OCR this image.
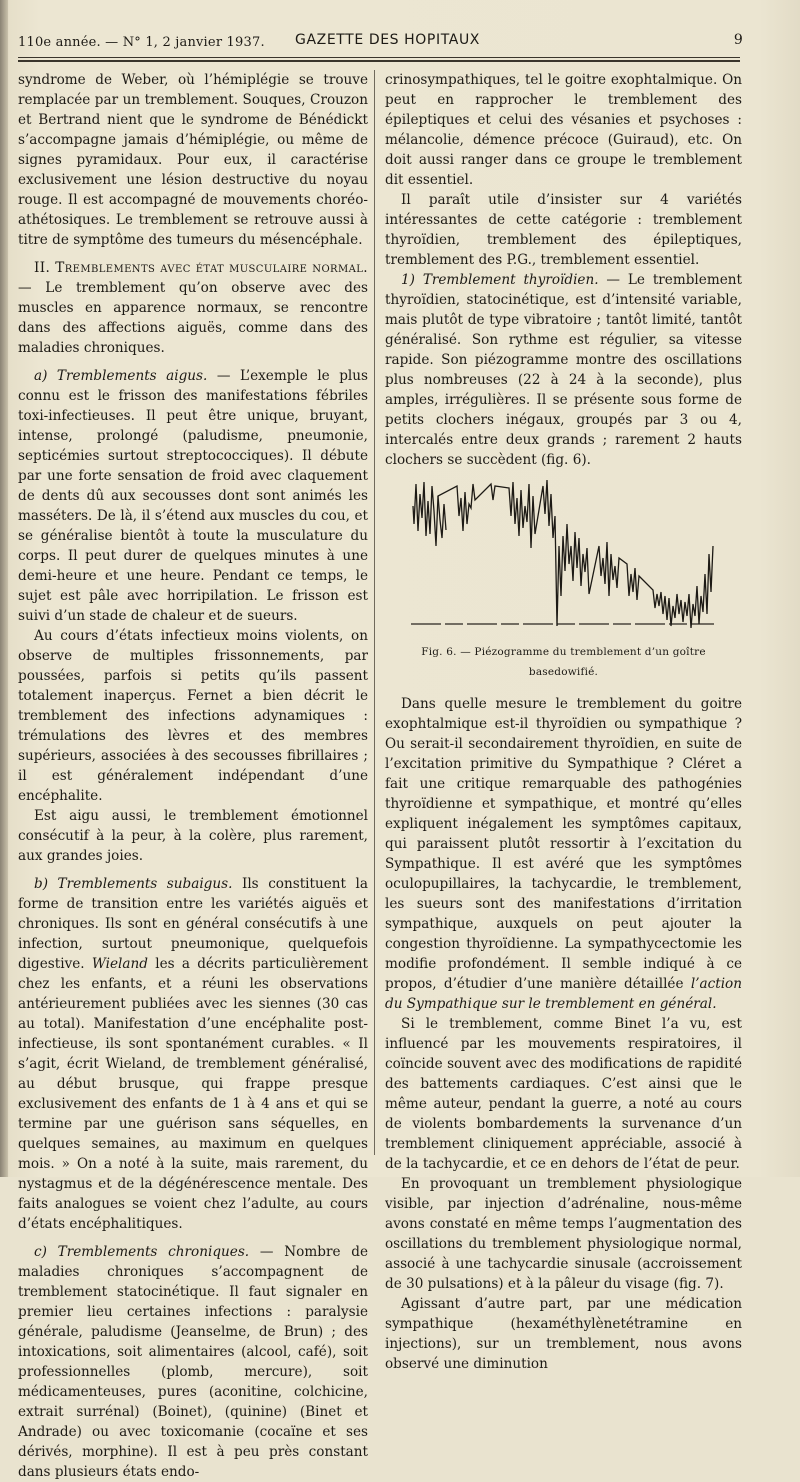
110e année. — N° 1, 2 janvier 1937. GAZETTE DES HOPITAUX	9

syndrome de Weber, où l’hémiplégie se trouve remplacée par un tremblement. Souques, Crouzon et Bertrand nient que le syndrome de Bénédickt s’accompagne jamais d’hémiplégie, ou même de signes pyramidaux. Pour eux, il caractérise exclusivement une lésion destructive du noyau rouge. Il est accompagné de mouvements choréo-athétosiques. Le tremblement se retrouve aussi à titre de symptôme des tumeurs du mésencéphale.

II. Tremblements avec état musculaire normal. — Le tremblement qu’on observe avec des muscles en apparence normaux, se rencontre dans des affections aiguës, comme dans des maladies chroniques.

a) Tremblements aigus. — L’exemple le plus connu est le frisson des manifestations fébriles toxi-infectieuses. Il peut être unique, bruyant, intense, prolongé (paludisme, pneumonie, septicémies surtout streptococciques). Il débute par une forte sensation de froid avec claquement de dents dû aux secousses dont sont animés les masséters. De là, il s’étend aux muscles du cou, et se généralise bientôt à toute la musculature du corps. Il peut durer de quelques minutes à une demi-heure et une heure. Pendant ce temps, le sujet est pâle avec horripilation. Le frisson est suivi d’un stade de chaleur et de sueurs.

Au cours d’états infectieux moins violents, on observe de multiples frissonnements, par poussées, parfois si petits qu’ils passent totalement inaperçus. Fernet a bien décrit le tremblement des infections adynamiques : trémulations des lèvres et des membres supérieurs, associées à des secousses fibrillaires ; il est généralement indépendant d’une encéphalite.

Est aigu aussi, le tremblement émotionnel consécutif à la peur, à la colère, plus rarement, aux grandes joies.

b) Tremblements subaigus. Ils constituent la forme de transition entre les variétés aiguës et chroniques. Ils sont en général consécutifs à une infection, surtout pneumonique, quelquefois digestive. Wieland les a décrits particulièrement chez les enfants, et a réuni les observations antérieurement publiées avec les siennes (30 cas au total). Manifestation d’une encéphalite post-infectieuse, ils sont spontanément curables. « Il s’agit, écrit Wieland, de tremblement généralisé, au début brusque, qui frappe presque exclusivement des enfants de 1 à 4 ans et qui se termine par une guérison sans séquelles, en quelques semaines, au maximum en quelques mois. » On a noté à la suite, mais rarement, du nystagmus et de la dégénérescence mentale. Des faits analogues se voient chez l’adulte, au cours d’états encéphalitiques.

c) Tremblements chroniques. — Nombre de maladies chroniques s’accompagnent de tremblement statocinétique. Il faut signaler en premier lieu certaines infections : paralysie générale, paludisme (Jeanselme, de Brun) ; des intoxications, soit alimentaires (alcool, café), soit professionnelles (plomb, mercure), soit médicamenteuses, pures (aconitine, colchicine, extrait surrénal) (Boinet), (quinine) (Binet et Andrade) ou avec toxicomanie (cocaïne et ses dérivés, morphine). Il est à peu près constant dans plusieurs états endo-

crinosympathiques, tel le goitre exophtalmique. On peut en rapprocher le tremblement des épileptiques et celui des vésanies et psychoses : mélancolie, démence précoce (Guiraud), etc. On doit aussi ranger dans ce groupe le tremblement dit essentiel.

Il paraît utile d’insister sur 4 variétés intéressantes de cette catégorie : tremblement thyroïdien, tremblement des épileptiques, tremblement des P.G., tremblement essentiel.

1) Tremblement thyroïdien. — Le tremblement thyroïdien, statocinétique, est d’intensité variable, mais plutôt de type vibratoire ; tantôt limité, tantôt généralisé. Son rythme est régulier, sa vitesse rapide. Son piézogramme montre des oscillations plus nombreuses (22 à 24 à la seconde), plus amples, irrégulières. Il se présente sous forme de petits clochers inégaux, groupés par 3 ou 4, intercalés entre deux grands ; rarement 2 hauts clochers se succèdent (fig. 6).

Fig. 6. — Piézogramme du tremblement d’un goître basedowifié.

Dans quelle mesure le tremblement du goitre exophtalmique est-il thyroïdien ou sympathique ? Ou serait-il secondairement thyroïdien, en suite de l’excitation primitive du Sympathique ? Cléret a fait une critique remarquable des pathogénies thyroïdienne et sympathique, et montré qu’elles expliquent inégalement les symptômes capitaux, qui paraissent plutôt ressortir à l’excitation du Sympathique. Il est avéré que les symptômes oculopupillaires, la tachycardie, le tremblement, les sueurs sont des manifestations d’irritation sympathique, auxquels on peut ajouter la congestion thyroïdienne. La sympathycectomie les modifie profondément. Il semble indiqué à ce propos, d’étudier d’une manière détaillée l’action du Sympathique sur le tremblement en général.

Si le tremblement, comme Binet l’a vu, est influencé par les mouvements respiratoires, il coïncide souvent avec des modifications de rapidité des battements cardiaques. C’est ainsi que le même auteur, pendant la guerre, a noté au cours de violents bombardements la survenance d’un tremblement cliniquement appréciable, associé à de la tachycardie, et ce en dehors de l’état de peur.

En provoquant un tremblement physiologique visible, par injection d’adrénaline, nous-même avons constaté en même temps l’augmentation des oscillations du tremblement physiologique normal, associé à une tachycardie sinusale (accroissement de 30 pulsations) et à la pâleur du visage (fig. 7).

Agissant d’autre part, par une médication sympathique (hexaméthylènetétramine en injections), sur un tremblement, nous avons observé une diminution
